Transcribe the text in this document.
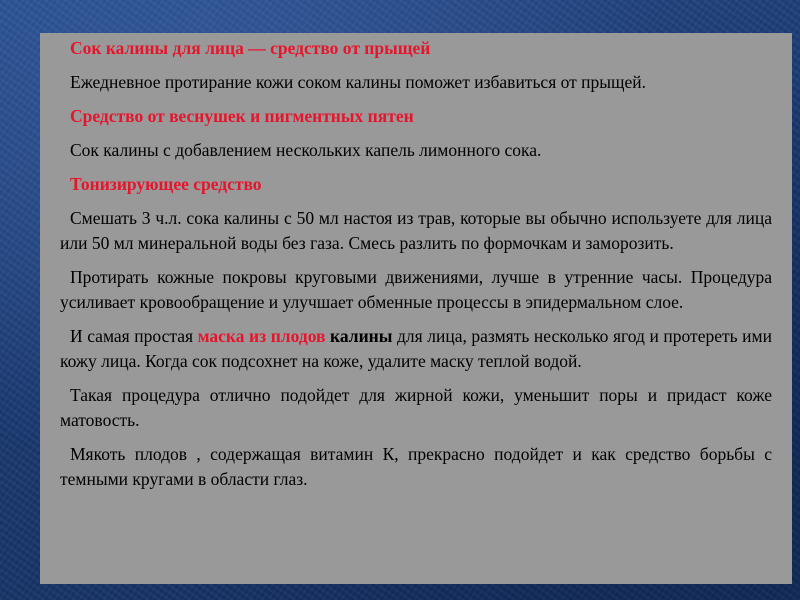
Сок калины для лица — средство от прыщей

Ежедневное протирание кожи соком калины поможет избавиться от прыщей.

Средство от веснушек и пигментных пятен

Сок калины с добавлением нескольких капель лимонного сока.

Тонизирующее средство

Смешать 3 ч.л. сока калины с 50 мл настоя из трав, которые вы обычно используете для лица или 50 мл минеральной воды без газа. Смесь разлить по формочкам и заморозить.

Протирать кожные покровы круговыми движениями, лучше в утренние часы. Процедура усиливает кровообращение и улучшает обменные процессы в эпидермальном слое.

И самая простая маска из плодов калины для лица, размять несколько ягод и протереть ими кожу лица. Когда сок подсохнет на коже, удалите маску теплой водой.

Такая процедура отлично подойдет для жирной кожи, уменьшит поры и придаст коже матовость.

Мякоть плодов , содержащая витамин К, прекрасно подойдет и как средство борьбы с темными кругами в области глаз.
